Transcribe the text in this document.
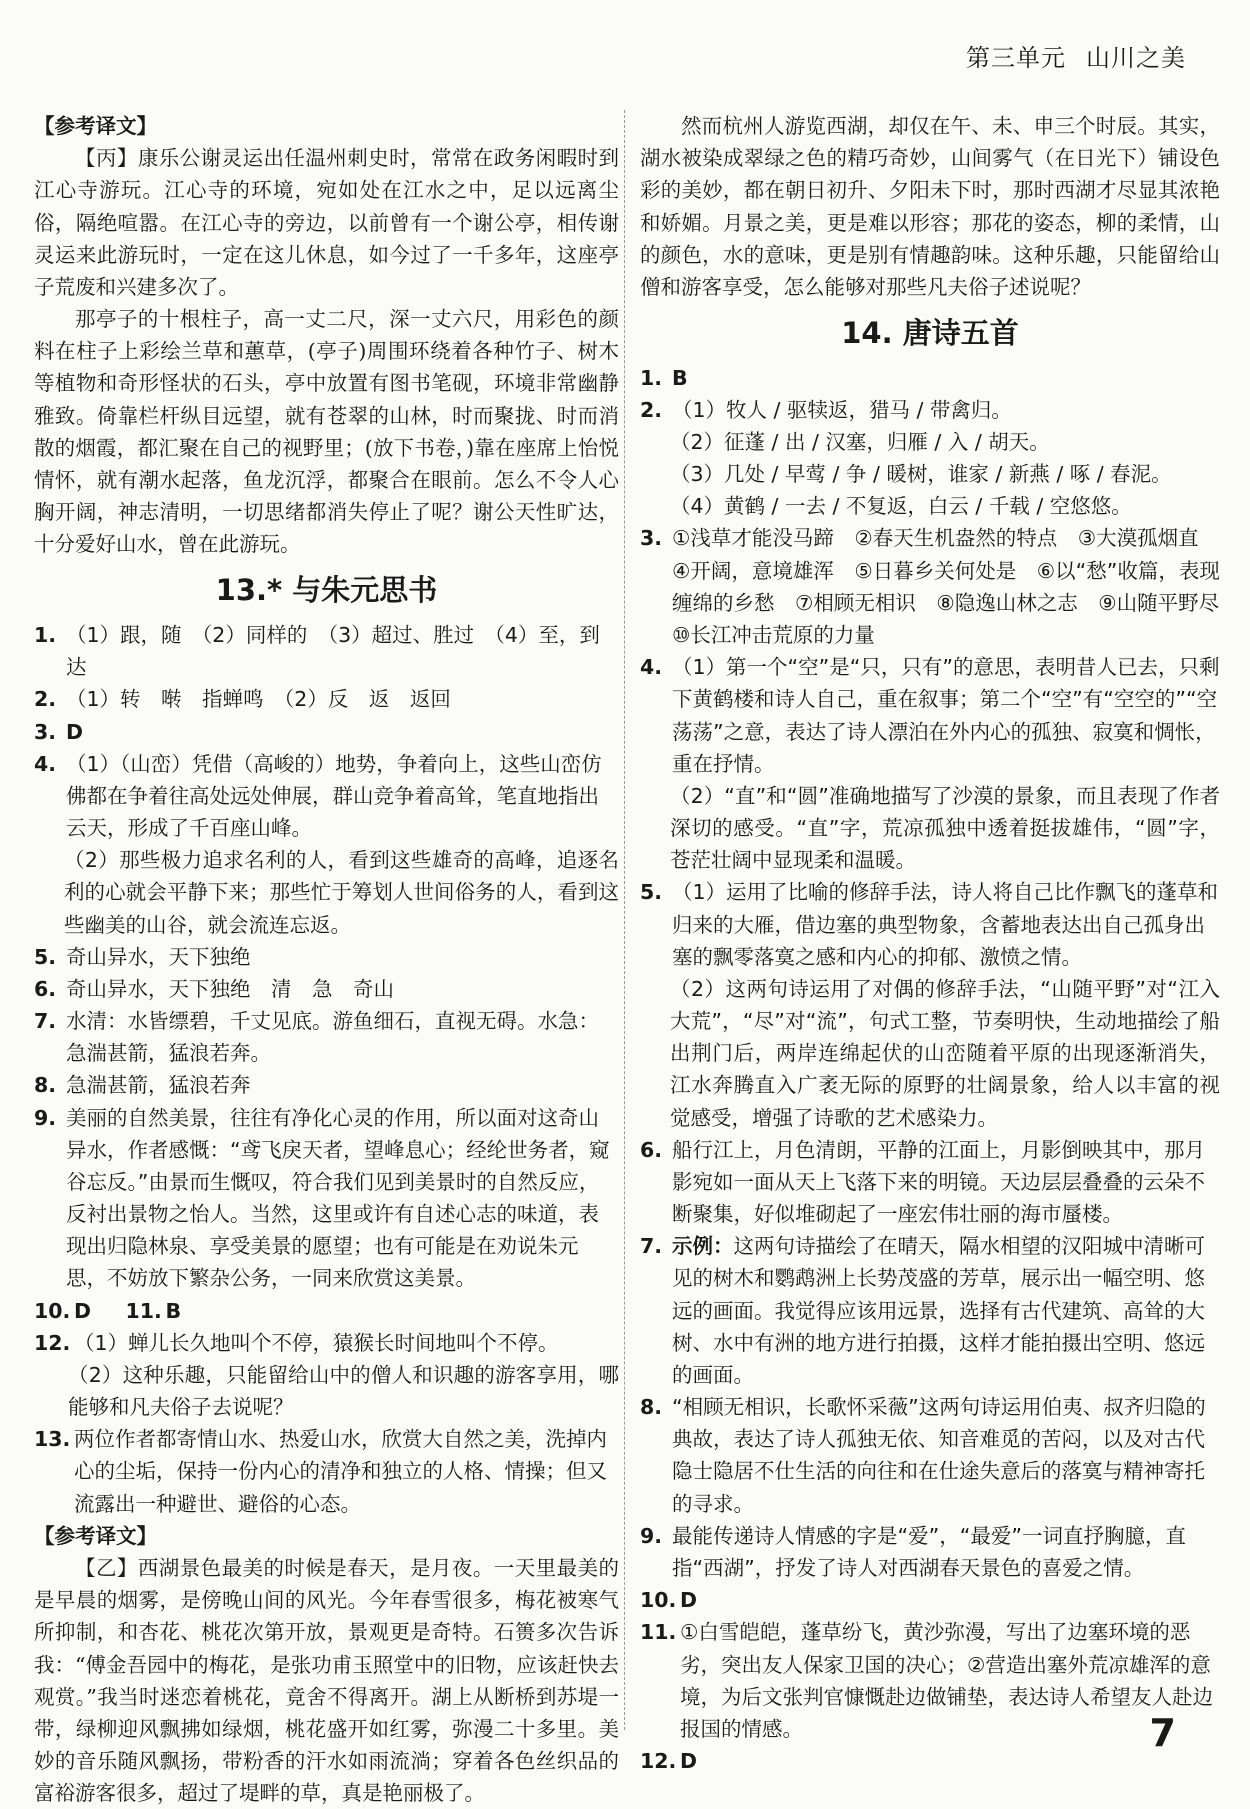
第三单元 山川之美

【参考译文】

【丙】康乐公谢灵运出任温州刺史时，常常在政务闲暇时到江心寺游玩。江心寺的环境，宛如处在江水之中，足以远离尘俗，隔绝喧嚣。在江心寺的旁边，以前曾有一个谢公亭，相传谢灵运来此游玩时，一定在这儿休息，如今过了一千多年，这座亭子荒废和兴建多次了。

那亭子的十根柱子，高一丈二尺，深一丈六尺，用彩色的颜料在柱子上彩绘兰草和蕙草，(亭子)周围环绕着各种竹子、树木等植物和奇形怪状的石头，亭中放置有图书笔砚，环境非常幽静雅致。倚靠栏杆纵目远望，就有苍翠的山林，时而聚拢、时而消散的烟霞，都汇聚在自己的视野里；(放下书卷，)靠在座席上怡悦情怀，就有潮水起落，鱼龙沉浮，都聚合在眼前。怎么不令人心胸开阔，神志清明，一切思绪都消失停止了呢？谢公天性旷达，十分爱好山水，曾在此游玩。

13.* 与朱元思书
1. （1）跟，随　（2）同样的　（3）超过、胜过　（4）至，到达
2. （1）转　啭　指蝉鸣　（2）反　返　返回
3. D
4. （1）（山峦）凭借（高峻的）地势，争着向上，这些山峦仿佛都在争着往高处远处伸展，群山竞争着高耸，笔直地指出云天，形成了千百座山峰。

（2）那些极力追求名利的人，看到这些雄奇的高峰，追逐名利的心就会平静下来；那些忙于筹划人世间俗务的人，看到这些幽美的山谷，就会流连忘返。

5. 奇山异水，天下独绝
6. 奇山异水，天下独绝　清　急　奇山
7. 水清：水皆缥碧，千丈见底。游鱼细石，直视无碍。水急：急湍甚箭，猛浪若奔。
8. 急湍甚箭，猛浪若奔
9. 美丽的自然美景，往往有净化心灵的作用，所以面对这奇山异水，作者感慨：“鸢飞戾天者，望峰息心；经纶世务者，窥谷忘反。”由景而生慨叹，符合我们见到美景时的自然反应，反衬出景物之怡人。当然，这里或许有自述心志的味道，表现出归隐林泉、享受美景的愿望；也有可能是在劝说朱元思，不妨放下繁杂公务，一同来欣赏这美景。
10. D　 11. B
12. （1）蝉儿长久地叫个不停，猿猴长时间地叫个不停。

（2）这种乐趣，只能留给山中的僧人和识趣的游客享用，哪能够和凡夫俗子去说呢？

13. 两位作者都寄情山水、热爱山水，欣赏大自然之美，洗掉内心的尘垢，保持一份内心的清净和独立的人格、情操；但又流露出一种避世、避俗的心态。

【参考译文】

【乙】西湖景色最美的时候是春天，是月夜。一天里最美的是早晨的烟雾，是傍晚山间的风光。今年春雪很多，梅花被寒气所抑制，和杏花、桃花次第开放，景观更是奇特。石篑多次告诉我：“傅金吾园中的梅花，是张功甫玉照堂中的旧物，应该赶快去观赏。”我当时迷恋着桃花，竟舍不得离开。湖上从断桥到苏堤一带，绿柳迎风飘拂如绿烟，桃花盛开如红雾，弥漫二十多里。美妙的音乐随风飘扬，带粉香的汗水如雨流淌；穿着各色丝织品的富裕游客很多，超过了堤畔的草，真是艳丽极了。

然而杭州人游览西湖，却仅在午、未、申三个时辰。其实，湖水被染成翠绿之色的精巧奇妙，山间雾气（在日光下）铺设色彩的美妙，都在朝日初升、夕阳未下时，那时西湖才尽显其浓艳和娇媚。月景之美，更是难以形容；那花的姿态，柳的柔情，山的颜色，水的意味，更是别有情趣韵味。这种乐趣，只能留给山僧和游客享受，怎么能够对那些凡夫俗子述说呢？

14. 唐诗五首
1. B
2. （1）牧人 / 驱犊返，猎马 / 带禽归。

（2）征蓬 / 出 / 汉塞，归雁 / 入 / 胡天。

（3）几处 / 早莺 / 争 / 暖树，谁家 / 新燕 / 啄 / 春泥。

（4）黄鹤 / 一去 / 不复返，白云 / 千载 / 空悠悠。

3. ①浅草才能没马蹄　②春天生机盎然的特点　③大漠孤烟直　④开阔，意境雄浑　⑤日暮乡关何处是　⑥以“愁”收篇，表现缠绵的乡愁　⑦相顾无相识　⑧隐逸山林之志　⑨山随平野尽　⑩长江冲击荒原的力量
4. （1）第一个“空”是“只，只有”的意思，表明昔人已去，只剩下黄鹤楼和诗人自己，重在叙事；第二个“空”有“空空的”“空荡荡”之意，表达了诗人漂泊在外内心的孤独、寂寞和惆怅，重在抒情。

（2）“直”和“圆”准确地描写了沙漠的景象，而且表现了作者深切的感受。“直”字，荒凉孤独中透着挺拔雄伟，“圆”字，苍茫壮阔中显现柔和温暖。

5. （1）运用了比喻的修辞手法，诗人将自己比作飘飞的蓬草和归来的大雁，借边塞的典型物象，含蓄地表达出自己孤身出塞的飘零落寞之感和内心的抑郁、激愤之情。

（2）这两句诗运用了对偶的修辞手法，“山随平野”对“江入大荒”，“尽”对“流”，句式工整，节奏明快，生动地描绘了船出荆门后，两岸连绵起伏的山峦随着平原的出现逐渐消失，江水奔腾直入广袤无际的原野的壮阔景象，给人以丰富的视觉感受，增强了诗歌的艺术感染力。

6. 船行江上，月色清朗，平静的江面上，月影倒映其中，那月影宛如一面从天上飞落下来的明镜。天边层层叠叠的云朵不断聚集，好似堆砌起了一座宏伟壮丽的海市蜃楼。
7. 示例：这两句诗描绘了在晴天，隔水相望的汉阳城中清晰可见的树木和鹦鹉洲上长势茂盛的芳草，展示出一幅空明、悠远的画面。我觉得应该用远景，选择有古代建筑、高耸的大树、水中有洲的地方进行拍摄，这样才能拍摄出空明、悠远的画面。
8. “相顾无相识，长歌怀采薇”这两句诗运用伯夷、叔齐归隐的典故，表达了诗人孤独无依、知音难觅的苦闷，以及对古代隐士隐居不仕生活的向往和在仕途失意后的落寞与精神寄托的寻求。
9. 最能传递诗人情感的字是“爱”，“最爱”一词直抒胸臆，直指“西湖”，抒发了诗人对西湖春天景色的喜爱之情。
10. D
11. ①白雪皑皑，蓬草纷飞，黄沙弥漫，写出了边塞环境的恶劣，突出友人保家卫国的决心；②营造出塞外荒凉雄浑的意境，为后文张判官慷慨赴边做铺垫，表达诗人希望友人赴边报国的情感。
12. D
7
